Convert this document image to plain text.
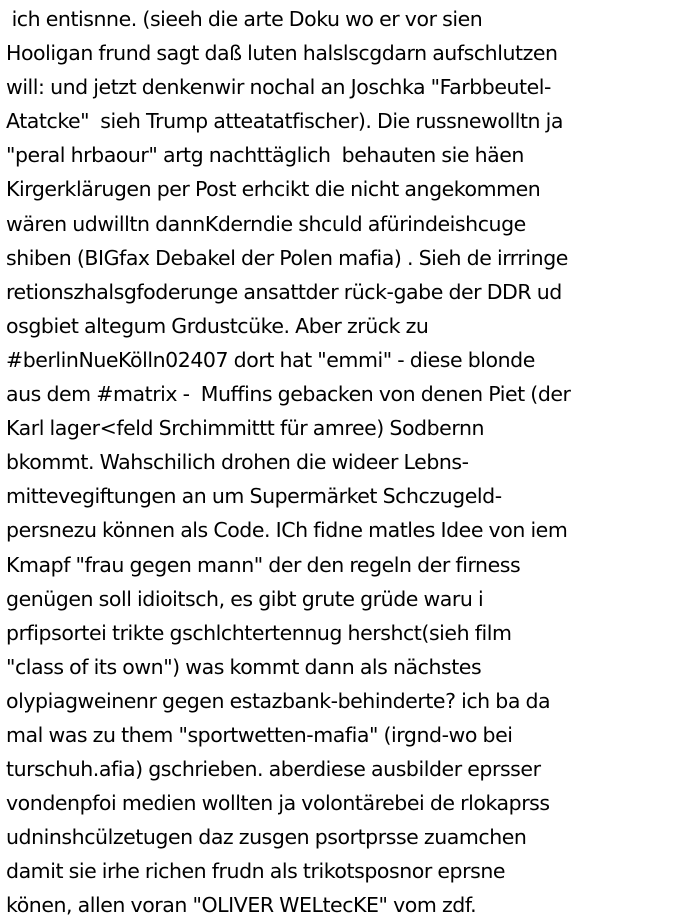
ich entisnne. (sieeh die arte Doku wo er vor sien
Hooligan frund sagt daß luten halslscgdarn aufschlutzen
will: und jetzt denkenwir nochal an Joschka "Farbbeutel-
Atatcke"  sieh Trump atteatatfischer). Die russnewolltn ja
"peral hrbaour" artg nachttäglich  behauten sie häen
Kirgerklärugen per Post erhcikt die nicht angekommen
wären udwilltn dannKderndie shculd afürindeishcuge
shiben (BIGfax Debakel der Polen mafia) . Sieh de irrringe
retionszhalsgfoderunge ansattder rück-gabe der DDR ud
osgbiet altegum Grdustcüke. Aber zrück zu
#berlinNueKölln02407 dort hat "emmi" - diese blonde
aus dem #matrix -  Muffins gebacken von denen Piet (der
Karl lager<feld Srchimmittt für amree) Sodbernn
bkommt. Wahschilich drohen die wideer Lebns-
mittevegiftungen an um Supermärket Schczugeld-
persnezu können als Code. ICh fidne matles Idee von iem
Kmapf "frau gegen mann" der den regeln der firness
genügen soll idioitsch, es gibt grute grüde waru i
prfipsortei trikte gschlchtertennug hershct(sieh film
"class of its own") was kommt dann als nächstes
olypiagweinenr gegen estazbank-behinderte? ich ba da
mal was zu them "sportwetten-mafia" (irgnd-wo bei
turschuh.afia) gschrieben. aberdiese ausbilder eprsser
vondenpfoi medien wollten ja volontärebei de rlokaprss
udninshcülzetugen daz zusgen psortprsse zuamchen
damit sie irhe richen frudn als trikotsposnor eprsne
könen, allen voran "OLIVER WELtecKE" vom zdf.
